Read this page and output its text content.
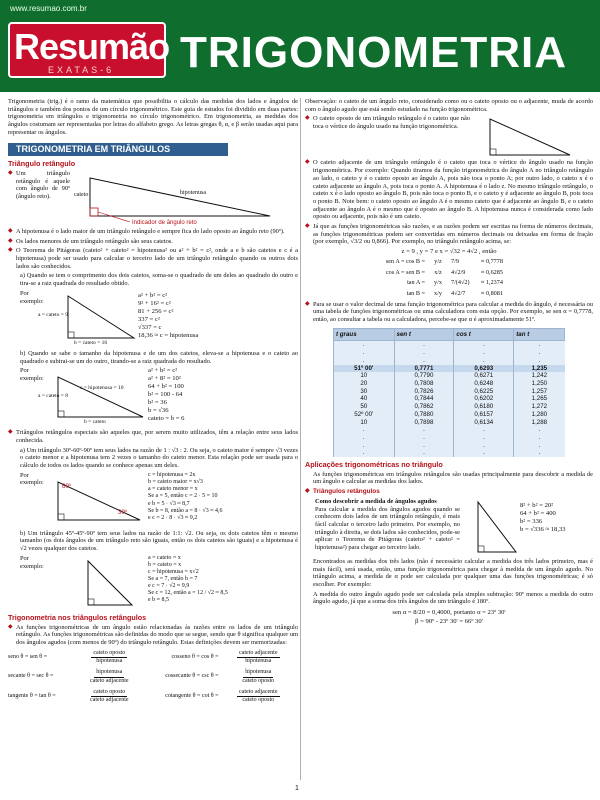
www.resumao.com.br
Resumão
EXATAS-6 TRIGONOMETRIA
Trigonometria (trig.) é o ramo da matemática que possibilita o cálculo das medidas dos lados e ângulos de triângulos e também dos pontos de um círculo trigonométrico. Este guia de estudos foi dividido em duas partes: trigonometria em triângulos e trigonometria no círculo trigonométrico. Em trigonometria, as medidas dos ângulos costumam ser representadas por letras do alfabeto grego. As letras gregas θ, α, e β serão usadas aqui para representar os ângulos.
TRIGONOMETRIA EM TRIÂNGULOS
Triângulo retângulo
◆ Um triângulo retângulo é aquele com ângulo de 90º (ângulo reto).	cateto	hipotenusa
Indicador de ângulo reto
◆ A hipotenusa é o lado maior de um triângulo retângulo e sempre fica do lado oposto ao ângulo reto (90º).
◆ Os lados menores de um triângulo retângulo são seus catetos.
◆ O Teorema de Pitágoras (cateto² + cateto² = hipotenusa² ou a² + b² = c², onde a e b são catetos e c é a hipotenusa) pode ser usado para calcular o terceiro lado de um triângulo retângulo quando os outros dois lados são conhecidos.
a) Quando se tem o comprimento dos dois catetos, soma-se o quadrado de um deles ao quadrado do outro e tira-se a raiz quadrada do resultado obtido.
Por exemplo:
a = cateto = 9
b = cateto = 16
a² + b² = c²
9² + 16² = c²
81 + 256 = c²
337 = c²
√337 = c
18,36 ≈ c = hipotenusa
b) Quando se sabe o tamanho da hipotenusa e de um dos catetos, eleva-se a hipotenusa e o cateto ao quadrado e subtrai-se um do outro, tirando-se a raiz quadrada do resultado.
Por exemplo:
a = cateto = 8
c = hipotenusa = 10
b = cateto
a² + b² = c²
a² + 8² = 10²
64 + b² = 100
b² = 100 - 64
b² = 36
b = √36
cateto = b = 6
◆ Triângulos retângulos especiais são aqueles que, por serem muito utilizados, têm a relação entre seus lados conhecida.
a) Um triângulo 30º-60º-90º tem seus lados na razão de 1 : √3 : 2. Ou seja, o cateto maior é sempre √3 vezes o cateto menor e a hipotenusa tem 2 vezes o tamanho do cateto menor. Esta relação pode ser usada para o cálculo de todos os lados quando se conhece apenas um deles.
Por exemplo:
60º
30º
c = hipotenusa = 2x
b = cateto maior = x√3
a = cateto menor = x
Se a = 5, então c = 2 · 5 = 10
e b = 5 · √3 ≈ 8,7
Se b = 8, então a = 8 · √3 ≈ 4,6
e c = 2 · 8 · √3 ≈ 9,2
b) Um triângulo 45º-45º-90º tem seus lados na razão de 1:1: √2. Ou seja, os dois catetos têm o mesmo tamanho (os dois ângulos de um triângulo reto são iguais, então os dois catetos são iguais) e a hipotenusa é √2 vezes qualquer dos catetos.
Por exemplo:
a = cateto = x
b = cateto = x
c = hipotenusa = x√2
Se a = 7, então b = 7
e c = 7 · √2 ≈ 9,9
Se c = 12, então a = 12 / √2 ≈ 8,5
e b ≈ 8,5
Trigonometria nos triângulos retângulos
◆ As funções trigonométricas de um ângulo estão relacionadas às razões entre os lados de um triângulo retângulo. As funções trigonométricas são definidas do modo que se segue, sendo que θ significa qualquer um dos ângulos agudos (com menos de 90º) do triângulo retângulo. Estas definições devem ser memorizadas:
seno θ = sen θ =	$\frac{\text{cateto oposto}}{\text{hipotenusa}}$	cosseno $\theta = \cos \theta = \frac{\text{cateto adjacente}}{\text{hipotenusa}}$
secante θ = sec θ =	$\frac{\text{hipotenusa}}{\text{cateto adjacente}}$	cossecante $\theta = \csc \theta = \frac{\text{hipotenusa}}{\text{cateto oposto}}$
tangente θ = tan θ =	$\frac{\text{cateto oposto}}{\text{cateto adjacente}}$	cotangente $\theta = \cot \theta = \frac{\text{cateto adjacente}}{\text{cateto oposto}}$
Observação: o cateto de um ângulo reto, considerado como ou o cateto oposto ou o adjacente, muda de acordo com o ângulo agudo que está sendo estudado na função trigonométrica.
◆ O cateto oposto de um triângulo retângulo é o cateto que não toca o vértice do ângulo usado na função trigonométrica.
◆ O cateto adjacente de um triângulo retângulo é o cateto que toca o vértice do ângulo usado na função trigonométrica. Por exemplo: Quando tiramos da função trigonométrica do ângulo A no triângulo retângulo ao lado, o cateto y é o cateto oposto ao ângulo A, pois não toca o ponto A; por outro lado, o cateto x é o cateto adjacente ao ângulo A, pois toca o ponto A. A hipotenusa é o lado z. No mesmo triângulo retângulo, o cateto x é o lado oposto ao ângulo B, pois não toca o ponto B, e o cateto y é adjacente ao ângulo B, pois toca o ponto B. Note bem: o cateto oposto ao ângulo A é o mesmo cateto que é adjacente ao ângulo B, e o cateto adjacente ao ângulo A é o mesmo que é oposto ao ângulo B. A hipotenusa nunca é considerada como lado oposto ou adjacente, pois não é um cateto.
◆ Já que as funções trigonométricas são razões, e as razões podem ser escritas na forma de números decimais, as funções trigonométricas podem ser convertidas em números decimais ou deixadas em forma de fração (por exemplo, √3/2 ou 0,866). Por exemplo, no triângulo retângulo acima, se:
z = 9 , y = 7 e x = √32 = 4√2 , então
sen A = cos B =	y/z	7/9	≈ 0,7778
cos A = sen B =	x/z	4√2/9	≈ 0,6285
tan A =	y/x	7/(4√2)	≈ 1,2374
tan B =	x/y	4√2/7	≈ 0,8081
◆ Para se usar o valor decimal de uma função trigonométrica para calcular a medida do ângulo, é necessária ou uma tabela de funções trigonométricas ou uma calculadora com esta opção. Por exemplo, se sen α = 0,7778, então, ao consultar a tabela ou a calculadora, percebe-se que α é aproximadamente 51º.
t graus	sen t	cos t	tan t
.	.	.	.
.	.	.	.
.	.	.	.
51º 00'	0,7771	0,6293	1,235
10	0,7790	0,6271	1,242
20	0,7808	0,6248	1,250
30	0,7826	0,6225	1,257
40	0,7844	0,6202	1,265
50	0,7862	0,6180	1,272
52º 00'	0,7880	0,6157	1,280
10	0,7898	0,6134	1,288
.	.	.	.
.	.	.	.
.	.	.	.
.	.	.	.
Aplicações trigonométricas no triângulo
As funções trigonométricas em triângulos retângulos são usadas principalmente para descobrir a medida de um ângulo e calcular as medidas dos lados.
◆ Triângulos retângulos
Como descobrir a medida de ângulos agudos
Para calcular a medida dos ângulos agudos quando se conhecem dois lados de um triângulo retângulo, é mais fácil calcular o terceiro lado primeiro. Por exemplo, no triângulo à direita, se dois lados são conhecidos, pode-se aplicar o Teorema de Pitágoras (cateto² + cateto² = hipotenusa²) para chegar ao terceiro lado.
8² + b² = 20²
64 + b² = 400
b² = 336
b = √336 ≈ 18,33
Encontrados as medidas dos três lados (não é necessário calcular a medida dos três lados primeiro, mas é mais fácil), será usada, então, uma função trigonométrica para chegar à medida de um ângulo agudo. No triângulo acima, a medida de α pode ser calculada por qualquer uma das funções trigonométricas; é só escolher. Por exemplo:
A medida do outro ângulo agudo pode ser calculada pela simples subtração: 90º menos a medida do outro ângulo agudo, já que a soma dos três ângulos de um triângulo é 180º.
sen α = 8/20 = 0,4000, portanto α = 23º 30'
β = 90º - 23º 30' = 66º 30'
1
